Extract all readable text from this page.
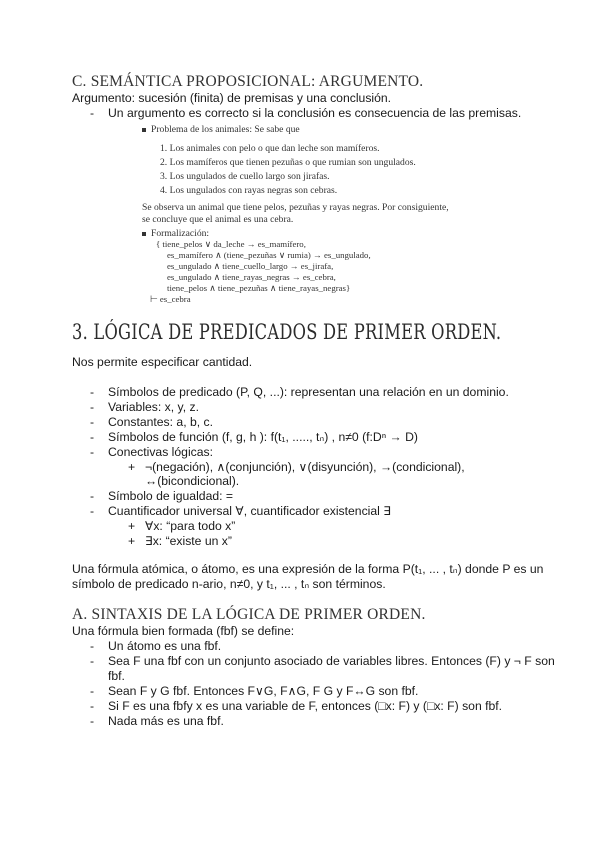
C. SEMÁNTICA PROPOSICIONAL: ARGUMENTO.
Argumento: sucesión (finita) de premisas y una conclusión.
- Un argumento es correcto si la conclusión es consecuencia de las premisas.
Problema de los animales: Se sabe que
1. Los animales con pelo o que dan leche son mamíferos.
2. Los mamíferos que tienen pezuñas o que rumian son ungulados.
3. Los ungulados de cuello largo son jirafas.
4. Los ungulados con rayas negras son cebras.
Se observa un animal que tiene pelos, pezuñas y rayas negras. Por consiguiente,
se concluye que el animal es una cebra.
Formalización:
{ tiene_pelos ∨ da_leche → es_mamífero,
es_mamífero ∧ (tiene_pezuñas ∨ rumia) → es_ungulado,
es_ungulado ∧ tiene_cuello_largo → es_jirafa,
es_ungulado ∧ tiene_rayas_negras → es_cebra,
tiene_pelos ∧ tiene_pezuñas ∧ tiene_rayas_negras}
⊢ es_cebra
3. LÓGICA DE PREDICADOS DE PRIMER ORDEN.
Nos permite especificar cantidad.
- Símbolos de predicado (P, Q, ...): representan una relación en un dominio.
- Variables: x, y, z.
- Constantes: a, b, c.
- Símbolos de función (f, g, h ): f(t₁, ....., tₙ) , n≠0 (f:Dⁿ → D)
- Conectivas lógicas:
+ ¬(negación), ∧(conjunción), ∨(disyunción), →(condicional),
↔(bicondicional).
- Símbolo de igualdad: =
- Cuantificador universal ∀, cuantificador existencial ∃
+ ∀x: “para todo x”
+ ∃x: “existe un x”
Una fórmula atómica, o átomo, es una expresión de la forma P(t₁, ... , tₙ) donde P es un
símbolo de predicado n-ario, n≠0, y t₁, ... , tₙ son términos.
A. SINTAXIS DE LA LÓGICA DE PRIMER ORDEN.
Una fórmula bien formada (fbf) se define:
- Un átomo es una fbf.
- Sea F una fbf con un conjunto asociado de variables libres. Entonces (F) y ¬ F son
fbf.
- Sean F y G fbf. Entonces F∨G, F∧G, F G y F↔G son fbf.
- Si F es una fbfy x es una variable de F, entonces (□x: F) y (□x: F) son fbf.
- Nada más es una fbf.
